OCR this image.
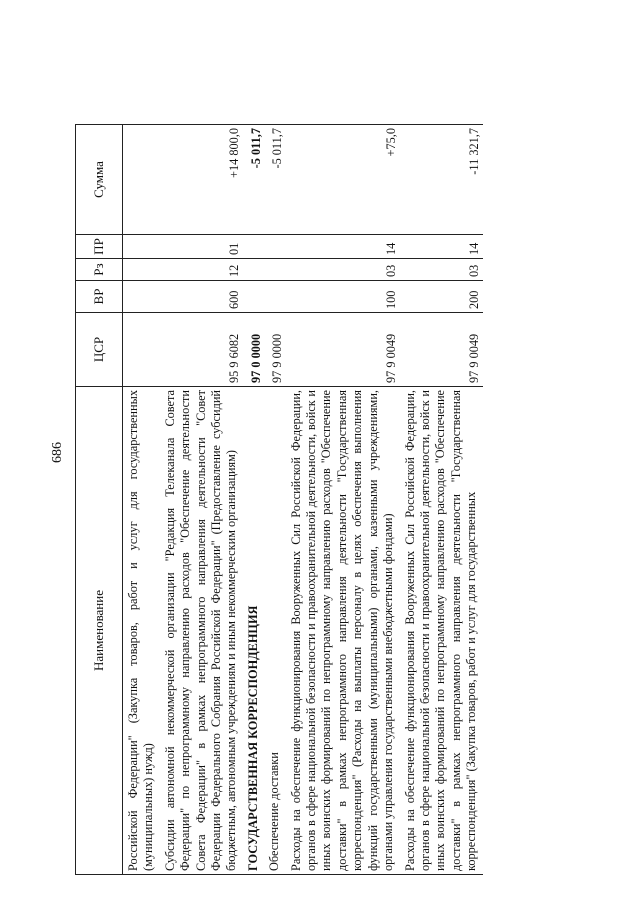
686
Наименование	ЦСР	ВР	Рз	ПР	Сумма
Российской Федерации" (Закупка товаров, работ и услуг для государственных (муниципальных) нужд)					
Субсидии автономной некоммерческой организации "Редакция Телеканала Совета Федерации" по непрограммному направлению расходов "Обеспечение деятельности Совета Федерации" в рамках непрограммного направления деятельности "Совет Федерации Федерального Собрания Российской Федерации" (Предоставление субсидий бюджетным, автономным учреждениям и иным некоммерческим организациям)	95 9 6082	600	12	01	+14 800,0
ГОСУДАРСТВЕННАЯ КОРРЕСПОНДЕНЦИЯ	97 0 0000				-5 011,7
Обеспечение доставки	97 9 0000				-5 011,7
Расходы на обеспечение функционирования Вооруженных Сил Российской Федерации, органов в сфере национальной безопасности и правоохранительной деятельности, войск и иных воинских формирований по непрограммному направлению расходов "Обеспечение доставки" в рамках непрограммного направления деятельности "Государственная корреспонденция" (Расходы на выплаты персоналу в целях обеспечения выполнения функций государственными (муниципальными) органами, казенными учреждениями, органами управления государственными внебюджетными фондами)	97 9 0049	100	03	14	+75,0
Расходы на обеспечение функционирования Вооруженных Сил Российской Федерации, органов в сфере национальной безопасности и правоохранительной деятельности, войск и иных воинских формирований по непрограммному направлению расходов "Обеспечение доставки" в рамках непрограммного направления деятельности "Государственная корреспонденция" (Закупка товаров, работ и услуг для государственных	97 9 0049	200	03	14	-11 321,7
